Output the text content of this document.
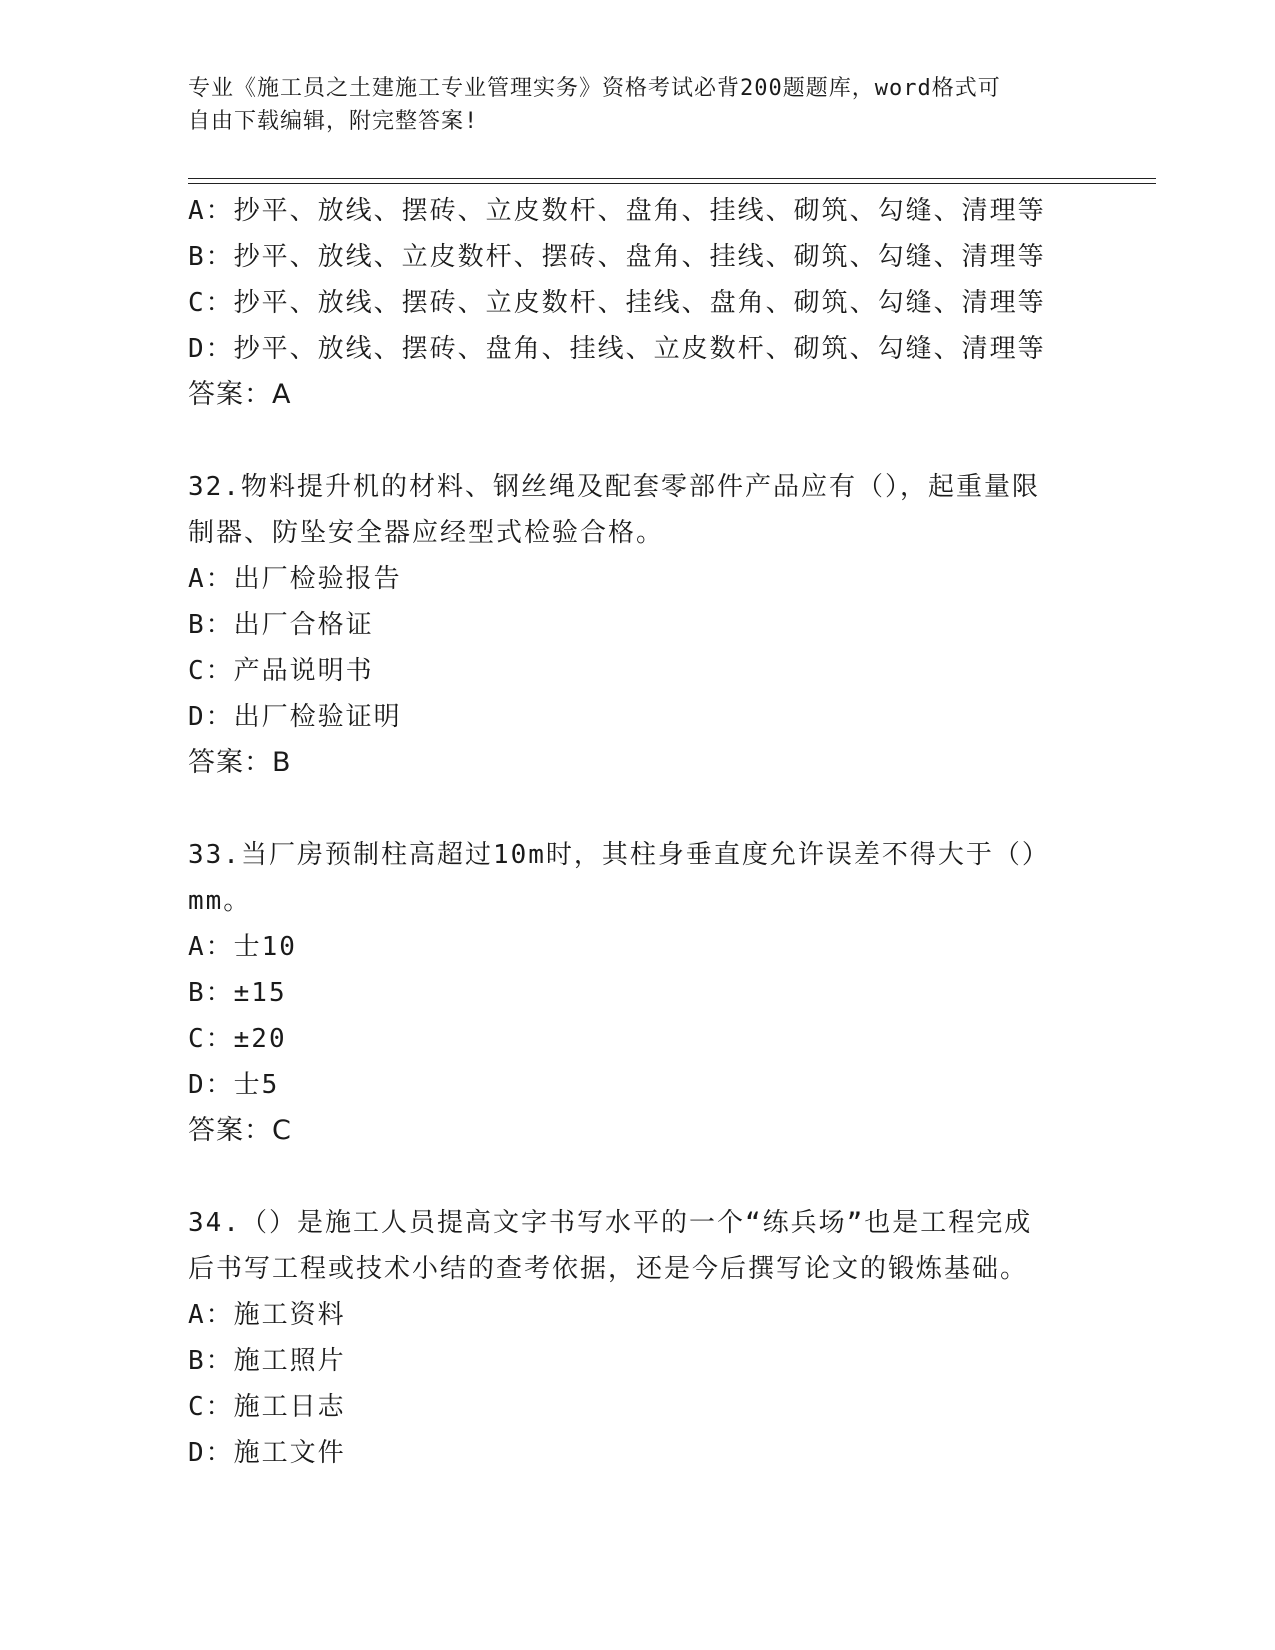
专业《施工员之土建施工专业管理实务》资格考试必背200题题库，word格式可
自由下载编辑，附完整答案!
A：抄平、放线、摆砖、立皮数杆、盘角、挂线、砌筑、勾缝、清理等
B：抄平、放线、立皮数杆、摆砖、盘角、挂线、砌筑、勾缝、清理等
C：抄平、放线、摆砖、立皮数杆、挂线、盘角、砌筑、勾缝、清理等
D：抄平、放线、摆砖、盘角、挂线、立皮数杆、砌筑、勾缝、清理等
答案：A
32.物料提升机的材料、钢丝绳及配套零部件产品应有（），起重量限
制器、防坠安全器应经型式检验合格。
A：出厂检验报告
B：出厂合格证
C：产品说明书
D：出厂检验证明
答案：B
33.当厂房预制柱高超过10m时，其柱身垂直度允许误差不得大于（）
mm。
A：士10
B：±15
C：±20
D：士5
答案：C
34.（）是施工人员提高文字书写水平的一个“练兵场”也是工程完成
后书写工程或技术小结的查考依据，还是今后撰写论文的锻炼基础。
A：施工资料
B：施工照片
C：施工日志
D：施工文件
